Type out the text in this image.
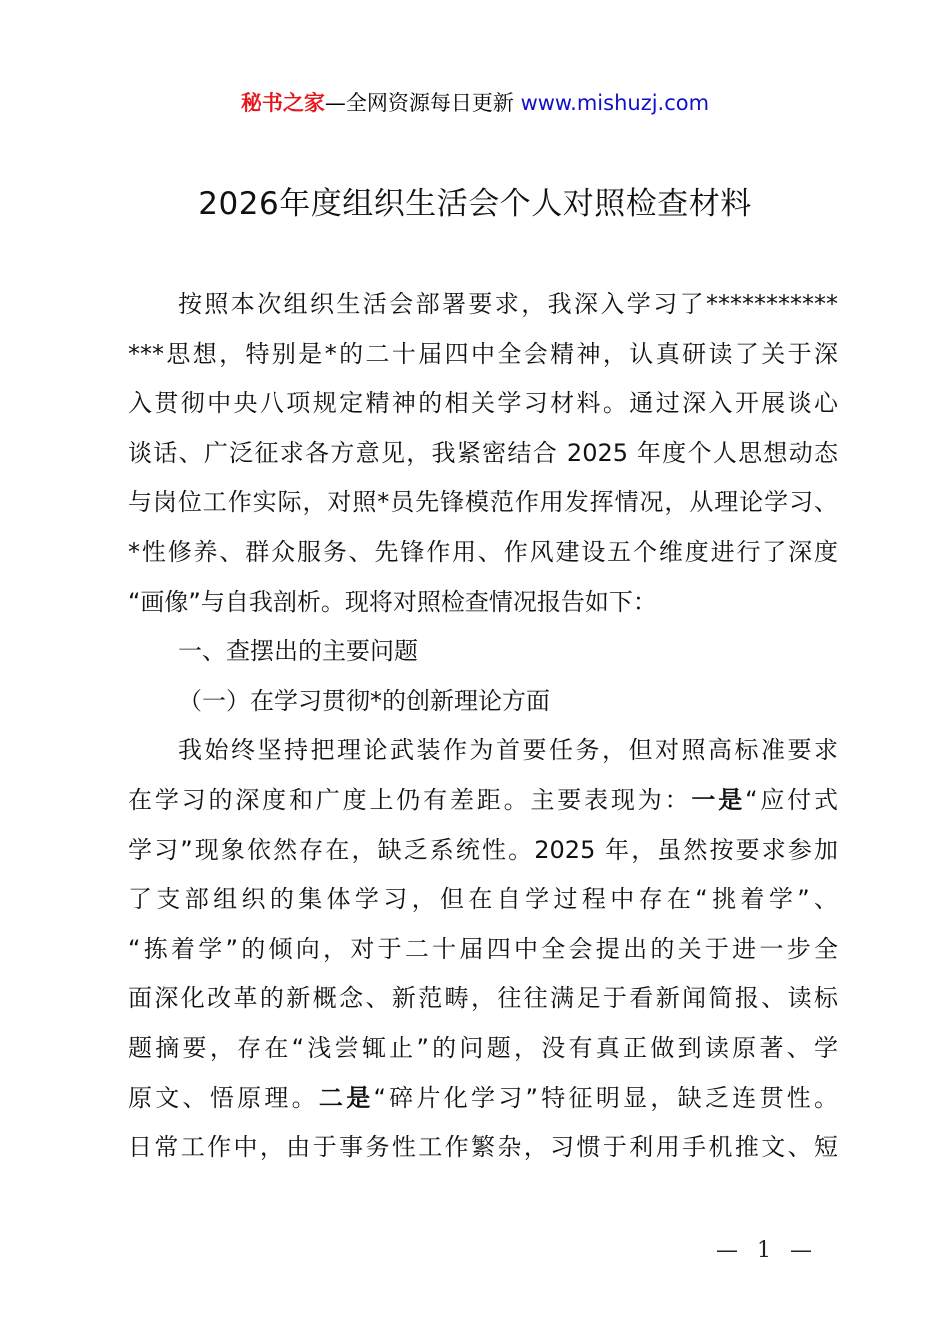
秘书之家—全网资源每日更新 www.mishuzj.com
2026年度组织生活会个人对照检查材料
按照本次组织生活会部署要求，我深入学习了***********
***思想，特别是*的二十届四中全会精神，认真研读了关于深
入贯彻中央八项规定精神的相关学习材料。通过深入开展谈心
谈话、广泛征求各方意见，我紧密结合 2025 年度个人思想动态
与岗位工作实际，对照*员先锋模范作用发挥情况，从理论学习、
*性修养、群众服务、先锋作用、作风建设五个维度进行了深度
“画像”与自我剖析。现将对照检查情况报告如下：
一、查摆出的主要问题
（一）在学习贯彻*的创新理论方面
我始终坚持把理论武装作为首要任务，但对照高标准要求
在学习的深度和广度上仍有差距。主要表现为：一是“应付式
学习”现象依然存在，缺乏系统性。2025 年，虽然按要求参加
了支部组织的集体学习，但在自学过程中存在“挑着学”、
“拣着学”的倾向，对于二十届四中全会提出的关于进一步全
面深化改革的新概念、新范畴，往往满足于看新闻简报、读标
题摘要，存在“浅尝辄止”的问题，没有真正做到读原著、学
原文、悟原理。二是“碎片化学习”特征明显，缺乏连贯性。
日常工作中，由于事务性工作繁杂，习惯于利用手机推文、短
— 1 —
